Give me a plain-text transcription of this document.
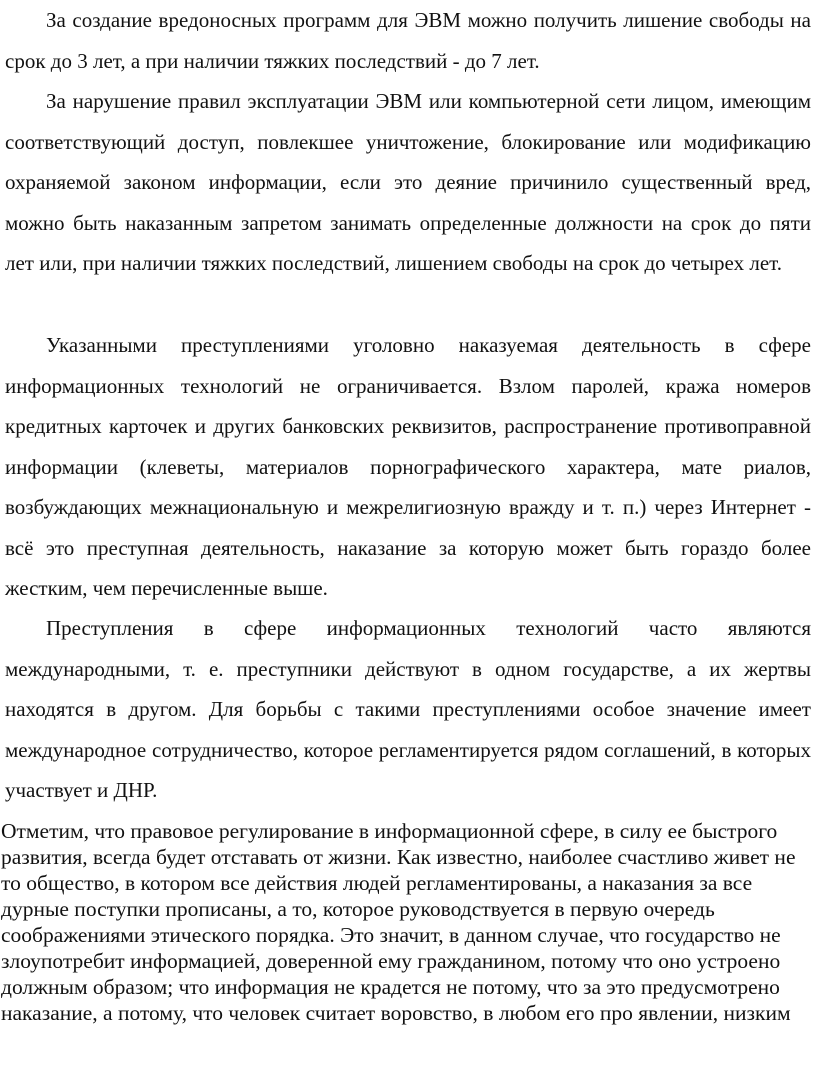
За создание вредоносных программ для ЭВМ можно получить лишение свободы на срок до 3 лет, а при наличии тяжких последствий - до 7 лет.

За нарушение правил эксплуатации ЭВМ или компьютерной сети лицом, имеющим соответствующий доступ, повлекшее уничтожение, блокирование или модификацию охраняемой законом информации, если это деяние причинило существенный вред, можно быть наказанным запретом занимать определенные должности на срок до пяти лет или, при наличии тяжких последствий, лишением свободы на срок до четырех лет.

Указанными преступлениями уголовно наказуемая деятельность в сфере информационных технологий не ограничивается. Взлом паролей, кража номеров кредитных карточек и других банковских реквизитов, распространение противоправной информации (клеветы, материалов порнографического характера, мате риалов, возбуждающих межнациональную и межрелигиозную вражду и т. п.) через Интернет - всё это преступная деятельность, наказание за которую может быть гораздо более жестким, чем перечисленные выше.

Преступления в сфере информационных технологий часто являются международными, т. е. преступники действуют в одном государстве, а их жертвы находятся в другом. Для борьбы с такими преступлениями особое значение имеет международное сотрудничество, которое регламентируется рядом соглашений, в которых участвует и ДНР.

Отметим, что правовое регулирование в информационной сфере, в силу ее быстрого развития, всегда будет отставать от жизни. Как известно, наиболее счастливо живет не то общество, в котором все действия людей регламентированы, а наказания за все дурные поступки прописаны, а то, которое руководствуется в первую очередь соображениями этического порядка. Это значит, в данном случае, что государство не злоупотребит информацией, доверенной ему гражданином, потому что оно устроено должным образом; что информация не крадется не потому, что за это предусмотрено наказание, а потому, что человек считает воровство, в любом его про явлении, низким
